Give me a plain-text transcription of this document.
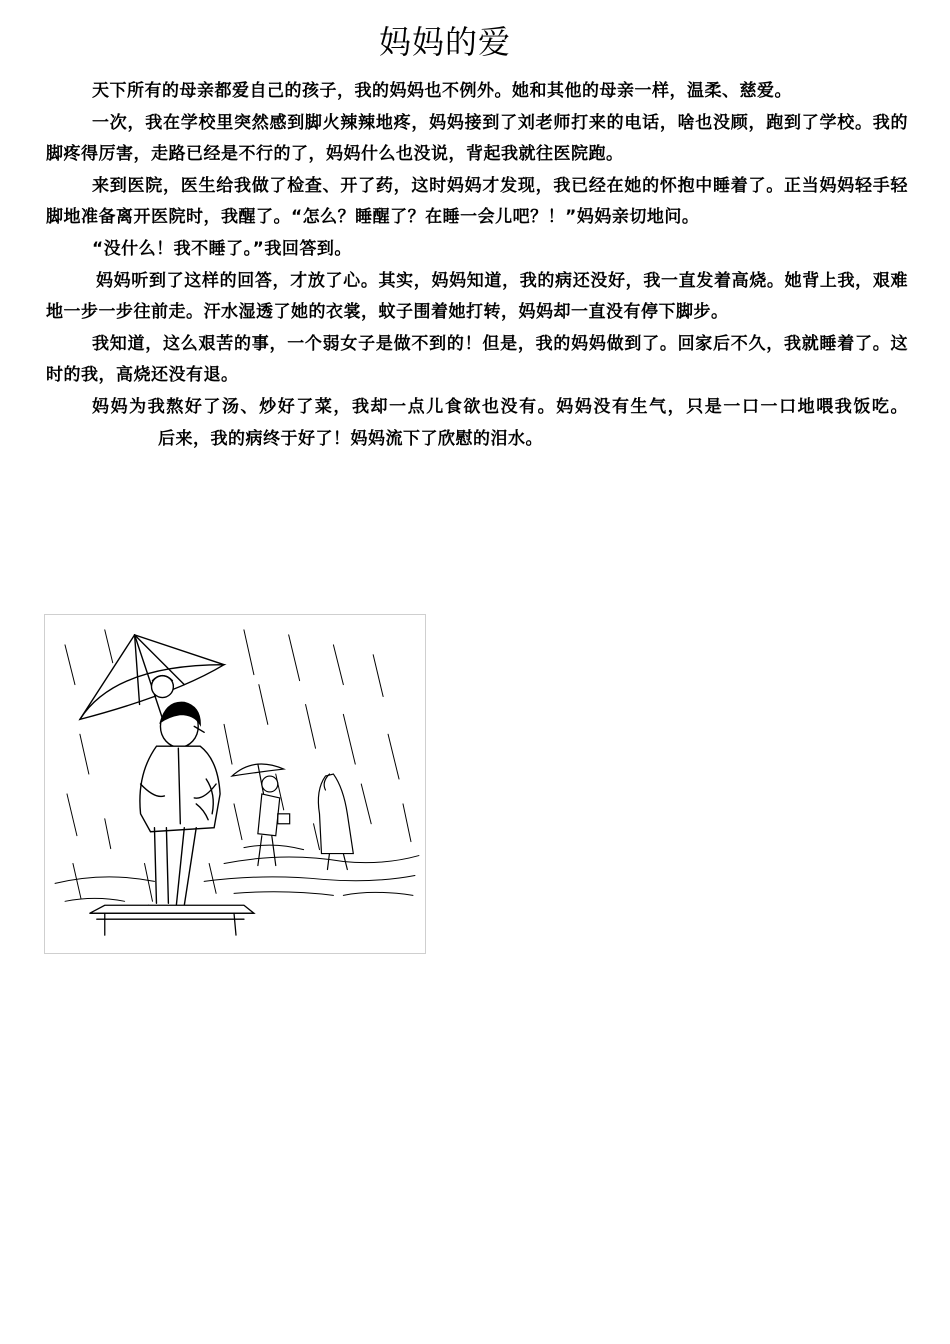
妈妈的爱

天下所有的母亲都爱自己的孩子，我的妈妈也不例外。她和其他的母亲一样，温柔、慈爱。

一次，我在学校里突然感到脚火辣辣地疼，妈妈接到了刘老师打来的电话，啥也没顾，跑到了学校。我的脚疼得厉害，走路已经是不行的了，妈妈什么也没说，背起我就往医院跑。

来到医院，医生给我做了检查、开了药，这时妈妈才发现，我已经在她的怀抱中睡着了。正当妈妈轻手轻脚地准备离开医院时，我醒了。“怎么？睡醒了？在睡一会儿吧？！”妈妈亲切地问。

“没什么！我不睡了。”我回答到。

妈妈听到了这样的回答，才放了心。其实，妈妈知道，我的病还没好，我一直发着高烧。她背上我，艰难地一步一步往前走。汗水湿透了她的衣裳，蚊子围着她打转，妈妈却一直没有停下脚步。

我知道，这么艰苦的事，一个弱女子是做不到的！但是，我的妈妈做到了。回家后不久，我就睡着了。这时的我，高烧还没有退。

妈妈为我熬好了汤、炒好了菜，我却一点儿食欲也没有。妈妈没有生气，只是一口一口地喂我饭吃。后来，我的病终于好了！妈妈流下了欣慰的泪水。
